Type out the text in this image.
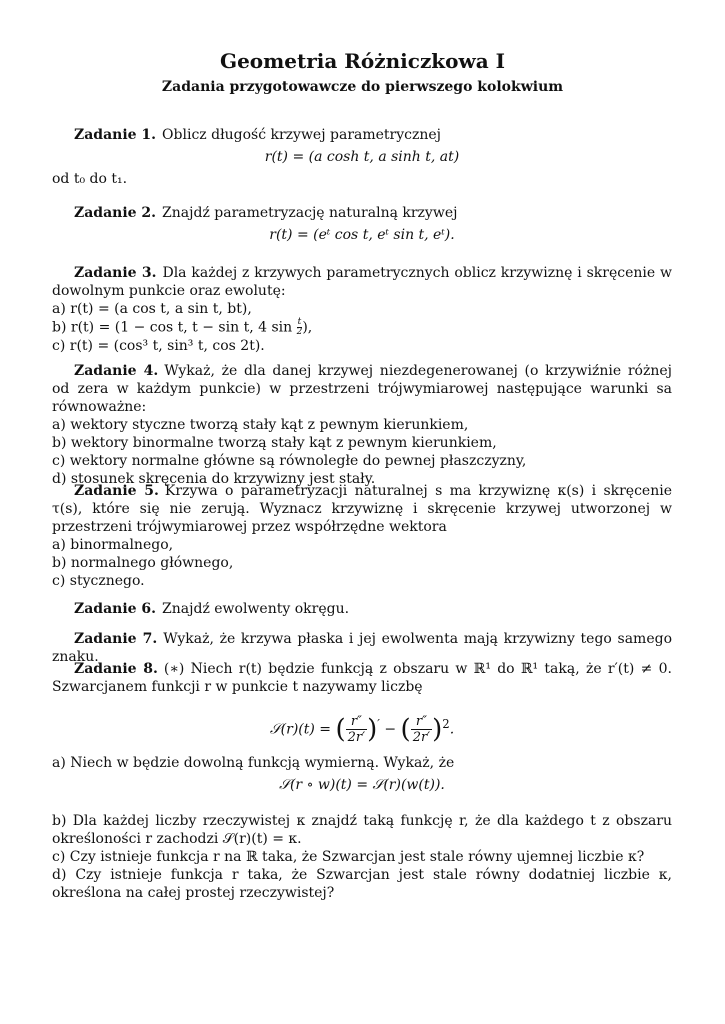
Geometria Różniczkowa I
Zadania przygotowawcze do pierwszego kolokwium

Zadanie 1. Oblicz długość krzywej parametrycznej

r(t) = (a cosh t, a sinh t, at)

od t₀ do t₁.

Zadanie 2. Znajdź parametryzację naturalną krzywej

r(t) = (eᵗ cos t, eᵗ sin t, eᵗ).

Zadanie 3. Dla każdej z krzywych parametrycznych oblicz krzywiznę i skręcenie w dowolnym punkcie oraz ewolutę:

a) r(t) = (a cos t, a sin t, bt),

b) r(t) = (1 − cos t, t − sin t, 4 $\sin \frac{t}{2}$),

c) r(t) = (cos³ t, sin³ t, cos 2t).

Zadanie 4. Wykaż, że dla danej krzywej niezdegenerowanej (o krzywiźnie różnej od zera w każdym punkcie) w przestrzeni trójwymiarowej następujące warunki sa równoważne:

a) wektory styczne tworzą stały kąt z pewnym kierunkiem,

b) wektory binormalne tworzą stały kąt z pewnym kierunkiem,

c) wektory normalne główne są równoległe do pewnej płaszczyzny,

d) stosunek skręcenia do krzywizny jest stały.

Zadanie 5. Krzywa o parametryzacji naturalnej s ma krzywiznę κ(s) i skręcenie τ(s), które się nie zerują. Wyznacz krzywiznę i skręcenie krzywej utworzonej w przestrzeni trójwymiarowej przez współrzędne wektora

a) binormalnego,

b) normalnego głównego,

c) stycznego.

Zadanie 6. Znajdź ewolwenty okręgu.

Zadanie 7. Wykaż, że krzywa płaska i jej ewolwenta mają krzywizny tego samego znaku.

Zadanie 8. (∗) Niech r(t) będzie funkcją z obszaru w ℝ¹ do ℝ¹ taką, że r′(t) ≠ 0. Szwarcjanem funkcji r w punkcie t nazywamy liczbę

𝒮(r)(t) = ( $\frac{r''}{2r'} )'$ − ( $\frac{r''}{2r'} )^2$.

a) Niech w będzie dowolną funkcją wymierną. Wykaż, że

𝒮(r ∘ w)(t) = 𝒮(r)(w(t)).

b) Dla każdej liczby rzeczywistej κ znajdź taką funkcję r, że dla każdego t z obszaru określoności r zachodzi 𝒮(r)(t) = κ.

c) Czy istnieje funkcja r na ℝ taka, że Szwarcjan jest stale równy ujemnej liczbie κ?

d) Czy istnieje funkcja r taka, że Szwarcjan jest stale równy dodatniej liczbie κ, określona na całej prostej rzeczywistej?
